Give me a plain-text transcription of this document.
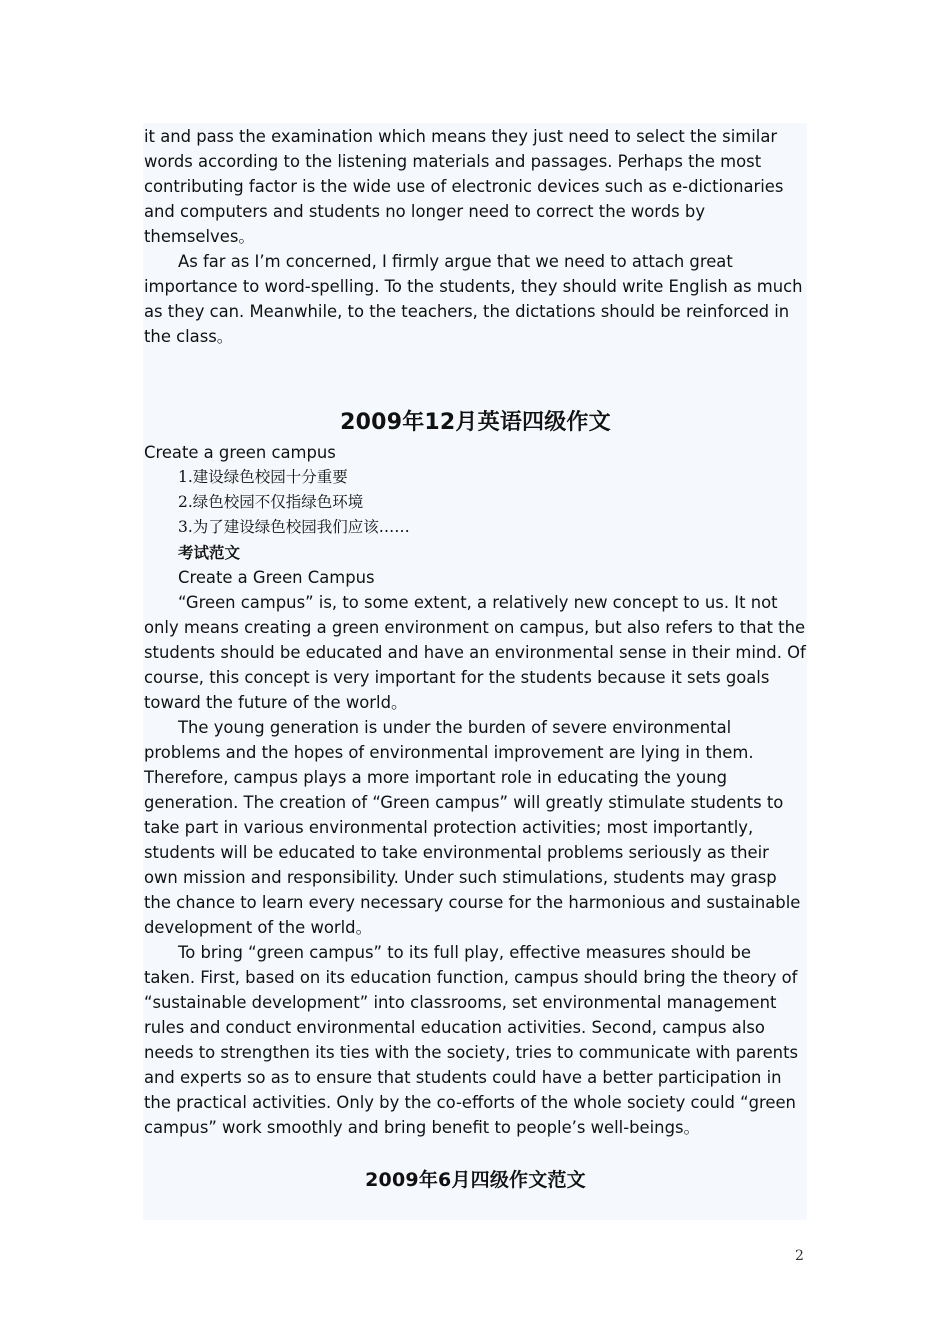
it and pass the examination which means they just need to select the similar words according to the listening materials and passages. Perhaps the most contributing factor is the wide use of electronic devices such as e-dictionaries and computers and students no longer need to correct the words by themselves。

As far as I’m concerned, I firmly argue that we need to attach great importance to word-spelling. To the students, they should write English as much as they can. Meanwhile, to the teachers, the dictations should be reinforced in the class。

2009年12月英语四级作文

Create a green campus

1.建设绿色校园十分重要

2.绿色校园不仅指绿色环境

3.为了建设绿色校园我们应该……

考试范文

Create a Green Campus

“Green campus” is, to some extent, a relatively new concept to us. It not only means creating a green environment on campus, but also refers to that the students should be educated and have an environmental sense in their mind. Of course, this concept is very important for the students because it sets goals toward the future of the world。

The young generation is under the burden of severe environmental problems and the hopes of environmental improvement are lying in them. Therefore, campus plays a more important role in educating the young generation. The creation of “Green campus” will greatly stimulate students to take part in various environmental protection activities; most importantly, students will be educated to take environmental problems seriously as their own mission and responsibility. Under such stimulations, students may grasp the chance to learn every necessary course for the harmonious and sustainable development of the world。

To bring “green campus” to its full play, effective measures should be taken. First, based on its education function, campus should bring the theory of “sustainable development” into classrooms, set environmental management rules and conduct environmental education activities. Second, campus also needs to strengthen its ties with the society, tries to communicate with parents and experts so as to ensure that students could have a better participation in the practical activities. Only by the co-efforts of the whole society could “green campus” work smoothly and bring benefit to people’s well-beings。

2009年6月四级作文范文
2
